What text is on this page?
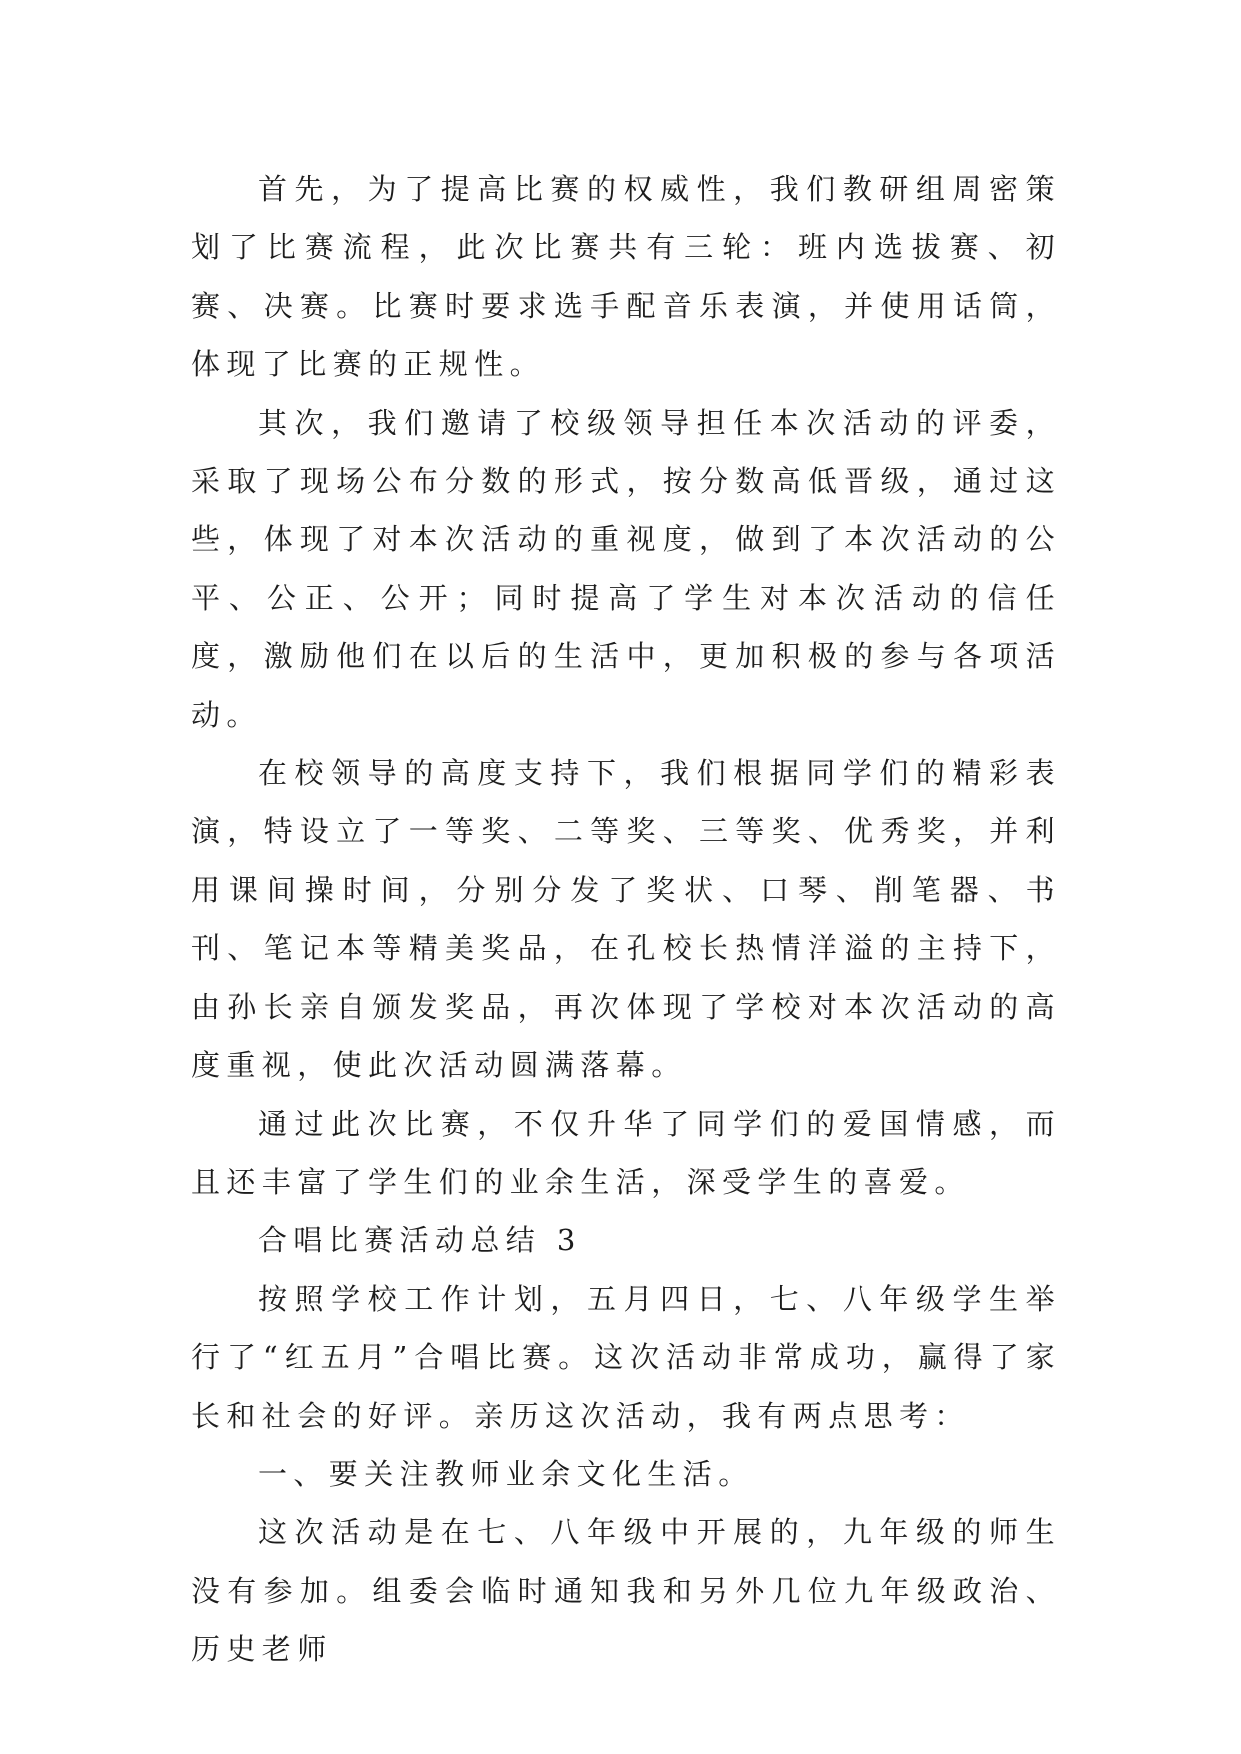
首先，为了提高比赛的权威性，我们教研组周密策划了比赛流程，此次比赛共有三轮：班内选拔赛、初赛、决赛。比赛时要求选手配音乐表演，并使用话筒，体现了比赛的正规性。

其次，我们邀请了校级领导担任本次活动的评委，采取了现场公布分数的形式，按分数高低晋级，通过这些，体现了对本次活动的重视度，做到了本次活动的公平、公正、公开；同时提高了学生对本次活动的信任度，激励他们在以后的生活中，更加积极的参与各项活动。

在校领导的高度支持下，我们根据同学们的精彩表演，特设立了一等奖、二等奖、三等奖、优秀奖，并利用课间操时间，分别分发了奖状、口琴、削笔器、书刊、笔记本等精美奖品，在孔校长热情洋溢的主持下，由孙长亲自颁发奖品，再次体现了学校对本次活动的高度重视，使此次活动圆满落幕。

通过此次比赛，不仅升华了同学们的爱国情感，而且还丰富了学生们的业余生活，深受学生的喜爱。

合唱比赛活动总结 3

按照学校工作计划，五月四日，七、八年级学生举行了“红五月”合唱比赛。这次活动非常成功，赢得了家长和社会的好评。亲历这次活动，我有两点思考：

一、要关注教师业余文化生活。

这次活动是在七、八年级中开展的，九年级的师生没有参加。组委会临时通知我和另外几位九年级政治、历史老师
